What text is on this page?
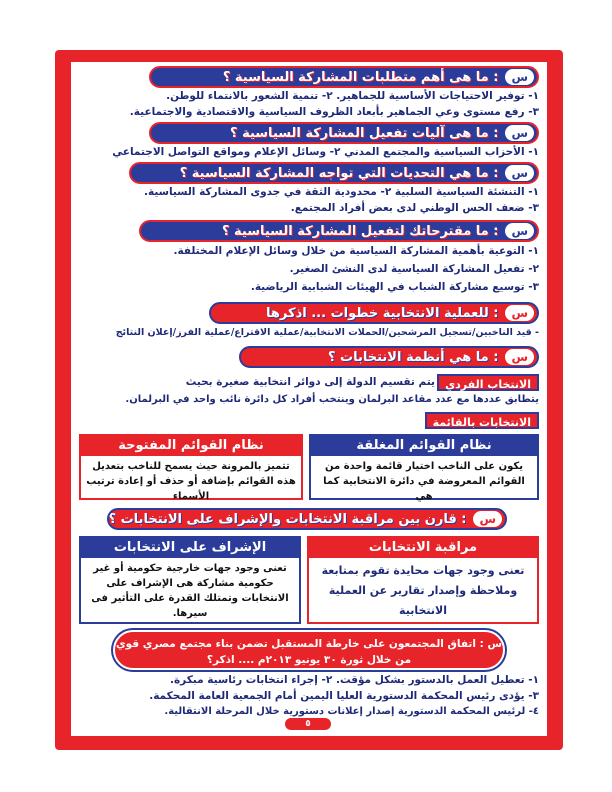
س
: ما هى أهم متطلبات المشاركة السياسية ؟
١- توفير الاحتياجات الأساسية للجماهير. ٢- تنمية الشعور بالانتماء للوطن.
٣- رفع مستوى وعي الجماهير بأبعاد الظروف السياسية والاقتصادية والاجتماعية.
س
: ما هى آليات تفعيل المشاركة السياسية ؟
١- الأحزاب السياسية والمجتمع المدني ٢- وسائل الإعلام ومواقع التواصل الاجتماعي
س
: ما هي التحديات التي تواجه المشاركة السياسية ؟
١- التنشئة السياسية السلبية ٢- محدودية الثقة في جدوى المشاركة السياسية.
٣- ضعف الحس الوطني لدى بعض أفراد المجتمع.
س
: ما مقترحاتك لتفعيل المشاركة السياسية ؟
١- التوعية بأهمية المشاركة السياسية من خلال وسائل الإعلام المختلفة.
٢- تفعيل المشاركة السياسية لدى النشئ الصغير.
٣- توسيع مشاركة الشباب في الهيئات الشبابية الرياضية.
س
: للعملية الانتخابية خطوات ... اذكرها
- قيد الناخبين/تسجيل المرشحين/الحملات الانتخابية/عملية الاقتراع/عملية الفرز/إعلان النتائج
س
: ما هي أنظمة الانتخابات ؟
الانتخاب الفردي
يتم تقسيم الدولة إلى دوائر انتخابية صغيرة بحيث
يتطابق عددها مع عدد مقاعد البرلمان وينتخب أفراد كل دائرة نائب واحد في البرلمان.
الانتخابات بالقائمة
نظام القوائم المغلقة
يكون على الناخب اختيار قائمة واحدة من القوائم المعروضة في دائرة الانتخابية كما هي
نظام القوائم المفتوحة
تتميز بالمرونة حيث يسمح للناخب بتعديل هذه القوائم بإضافة أو حذف أو إعادة ترتيب الأسماء
س
: قارن بين مراقبة الانتخابات والإشراف على الانتخابات ؟
مراقبة الانتخابات
تعنى وجود جهات محايدة تقوم بمتابعة وملاحظة وإصدار تقارير عن العملية الانتخابية
الإشراف على الانتخابات
تعنى وجود جهات خارجية حكومية أو غير حكومية مشاركة هى الإشراف على الانتخابات وتمتلك القدرة على التأثير فى سيرها.
س : اتفاق المجتمعون على خارطة المستقبل تضمن بناء مجتمع مصري قوي
من خلال ثورة ٣٠ يونيو ٢٠١٣م .... اذكر؟
١- تعطيل العمل بالدستور بشكل مؤقت. ٢- إجراء انتخابات رئاسية مبكرة.
٣- يؤدى رئيس المحكمة الدستورية العليا اليمين أمام الجمعية العامة المحكمة.
٤- لرئيس المحكمة الدستورية إصدار إعلانات دستورية خلال المرحلة الانتقالية.
٥
